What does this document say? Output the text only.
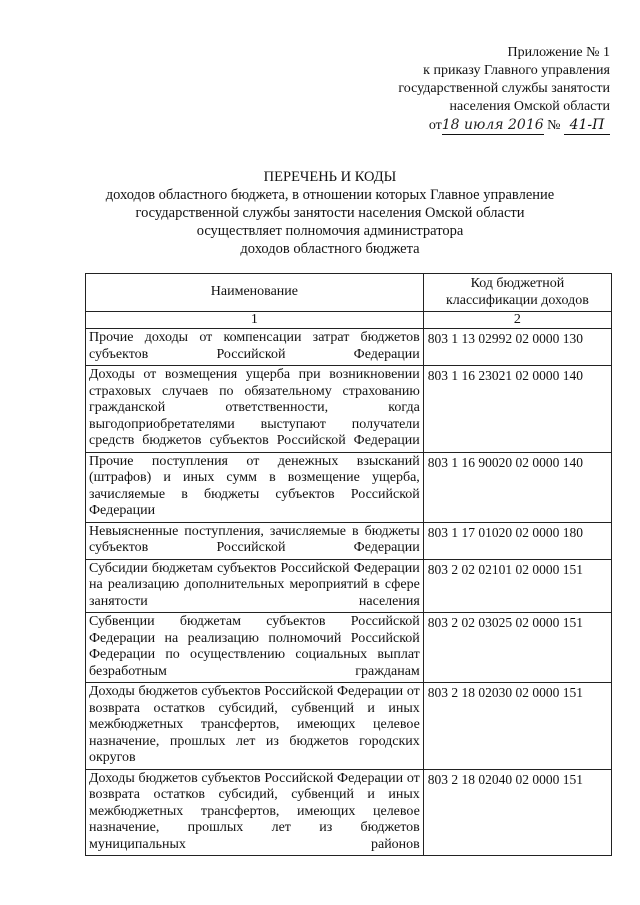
Приложение № 1
к приказу Главного управления
государственной службы занятости
населения Омской области
от18 июля 2016 № 41-П
ПЕРЕЧЕНЬ И КОДЫ
доходов областного бюджета, в отношении которых Главное управление
государственной службы занятости населения Омской области
осуществляет полномочия администратора
доходов областного бюджета
Наименование	Код бюджетной классификации доходов
1	2
Прочие доходы от компенсации затрат бюджетов субъектов Российской Федерации	803 1 13 02992 02 0000 130
Доходы от возмещения ущерба при возникновении страховых случаев по обязательному страхованию гражданской ответственности, когда выгодоприобретателями выступают получатели средств бюджетов субъектов Российской Федерации	803 1 16 23021 02 0000 140
Прочие поступления от денежных взысканий (штрафов) и иных сумм в возмещение ущерба, зачисляемые в бюджеты субъектов Российской Федерации	803 1 16 90020 02 0000 140
Невыясненные поступления, зачисляемые в бюджеты субъектов Российской Федерации	803 1 17 01020 02 0000 180
Субсидии бюджетам субъектов Российской Федерации на реализацию дополнительных мероприятий в сфере занятости населения	803 2 02 02101 02 0000 151
Субвенции бюджетам субъектов Российской Федерации на реализацию полномочий Российской Федерации по осуществлению социальных выплат безработным гражданам	803 2 02 03025 02 0000 151
Доходы бюджетов субъектов Российской Федерации от возврата остатков субсидий, субвенций и иных межбюджетных трансфертов, имеющих целевое назначение, прошлых лет из бюджетов городских округов	803 2 18 02030 02 0000 151
Доходы бюджетов субъектов Российской Федерации от возврата остатков субсидий, субвенций и иных межбюджетных трансфертов, имеющих целевое назначение, прошлых лет из бюджетов муниципальных районов	803 2 18 02040 02 0000 151
